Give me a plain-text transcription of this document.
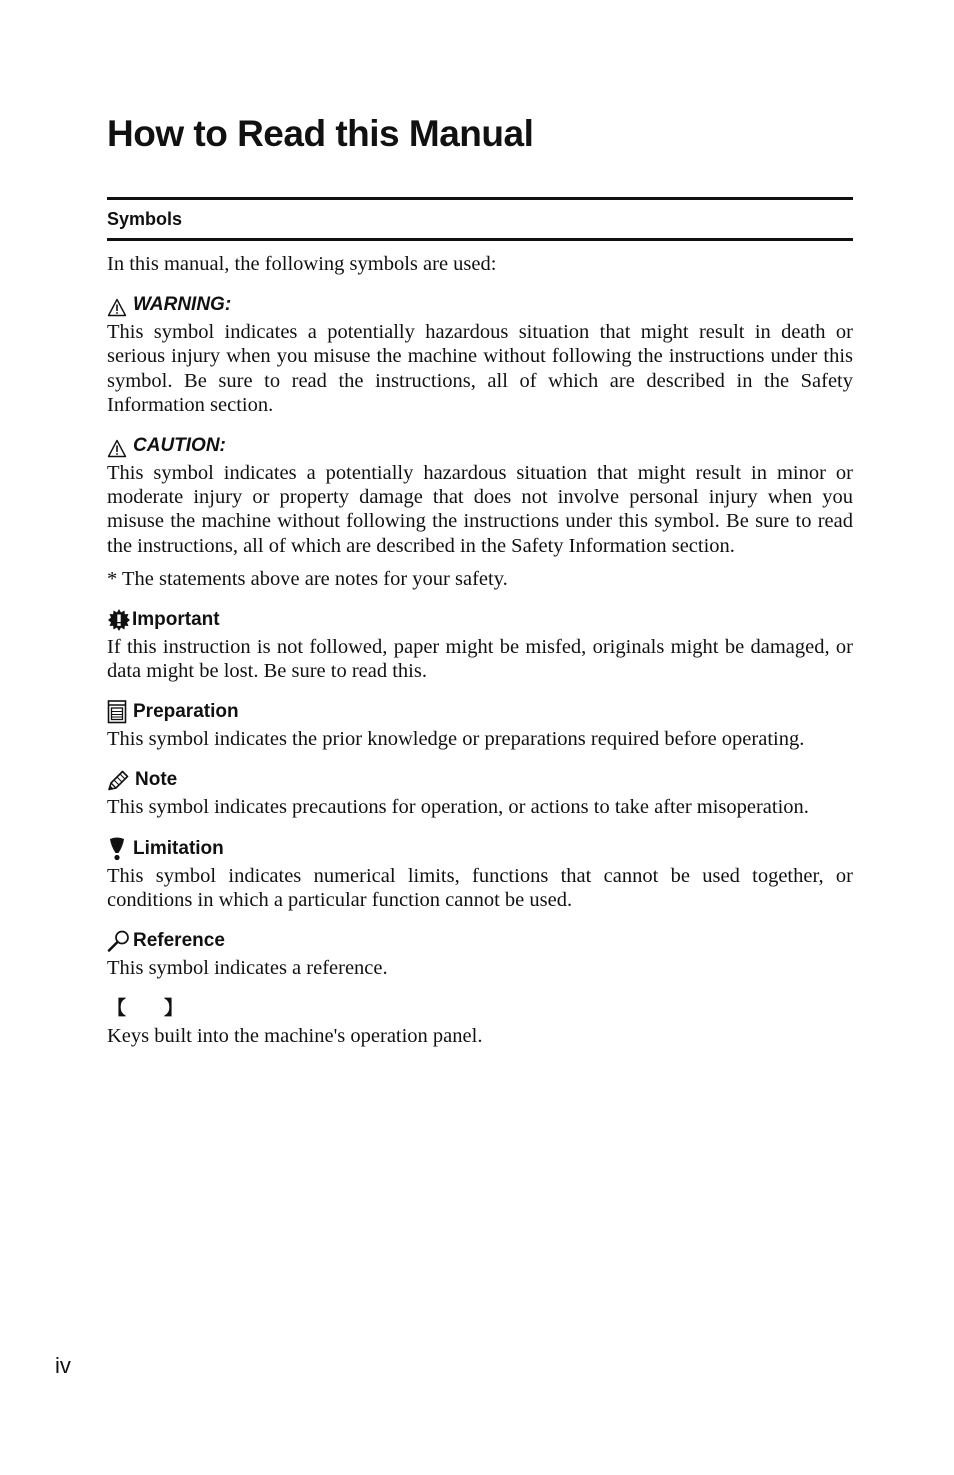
How to Read this Manual
Symbols

In this manual, the following symbols are used:

WARNING:

This symbol indicates a potentially hazardous situation that might result in death or serious injury when you misuse the machine without following the instructions under this symbol. Be sure to read the instructions, all of which are described in the Safety Information section.

CAUTION:

This symbol indicates a potentially hazardous situation that might result in minor or moderate injury or property damage that does not involve personal injury when you misuse the machine without following the instructions under this symbol. Be sure to read the instructions, all of which are described in the Safety Information section.

* The statements above are notes for your safety.

Important

If this instruction is not followed, paper might be misfed, originals might be damaged, or data might be lost. Be sure to read this.

Preparation

This symbol indicates the prior knowledge or preparations required before operating.

Note

This symbol indicates precautions for operation, or actions to take after misoperation.

Limitation

This symbol indicates numerical limits, functions that cannot be used together, or conditions in which a particular function cannot be used.

Reference

This symbol indicates a reference.

【 】

Keys built into the machine's operation panel.

iv
